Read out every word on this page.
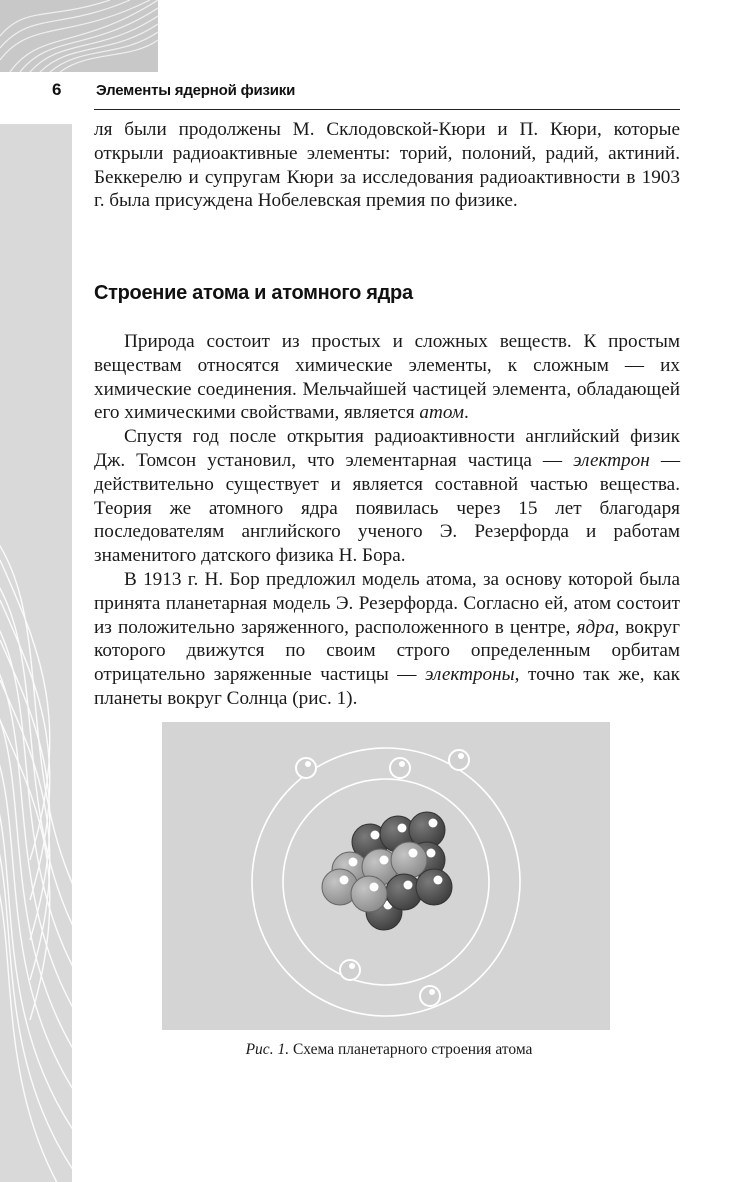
6 Элементы ядерной физики

ля были продолжены М. Склодовской-Кюри и П. Кюри, которые открыли радиоактивные элементы: торий, полоний, радий, актиний. Беккерелю и супругам Кюри за исследования радиоактивности в 1903 г. была присуждена Нобелевская премия по физике.

Строение атома и атомного ядра

Природа состоит из простых и сложных веществ. К простым веществам относятся химические элементы, к сложным — их химические соединения. Мельчайшей частицей элемента, обладающей его химическими свойствами, является атом.

Спустя год после открытия радиоактивности английский физик Дж. Томсон установил, что элементарная частица — электрон — действительно существует и является составной частью вещества. Теория же атомного ядра появилась через 15 лет благодаря последователям английского ученого Э. Резерфорда и работам знаменитого датского физика Н. Бора.

В 1913 г. Н. Бор предложил модель атома, за основу которой была принята планетарная модель Э. Резерфорда. Согласно ей, атом состоит из положительно заряженного, расположенного в центре, ядра, вокруг которого движутся по своим строго определенным орбитам отрицательно заряженные частицы — электроны, точно так же, как планеты вокруг Солнца (рис. 1).

Рис. 1. Схема планетарного строения атома
